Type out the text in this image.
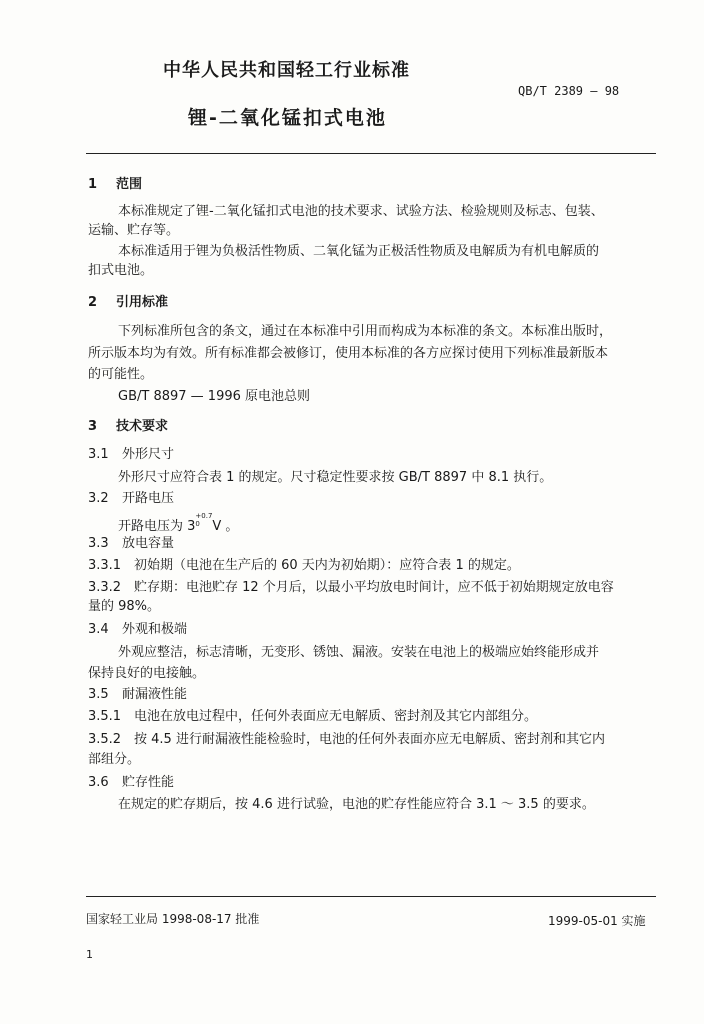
中华人民共和国轻工行业标准
QB/T 2389 — 98
锂-二氧化锰扣式电池
1 范围
本标准规定了锂-二氧化锰扣式电池的技术要求、试验方法、检验规则及标志、包装、
运输、贮存等。
本标准适用于锂为负极活性物质、二氧化锰为正极活性物质及电解质为有机电解质的
扣式电池。
2 引用标准
下列标准所包含的条文，通过在本标准中引用而构成为本标准的条文。本标准出版时，
所示版本均为有效。所有标准都会被修订，使用本标准的各方应探讨使用下列标准最新版本
的可能性。
GB/T 8897 — 1996 原电池总则
3 技术要求
3.1 外形尺寸
外形尺寸应符合表 1 的规定。尺寸稳定性要求按 GB/T 8897 中 8.1 执行。
3.2 开路电压
开路电压为 3
+0.7
0 V 。
3.3 放电容量
3.3.1 初始期（电池在生产后的 60 天内为初始期）：应符合表 1 的规定。
3.3.2 贮存期：电池贮存 12 个月后，以最小平均放电时间计，应不低于初始期规定放电容
量的 98%。
3.4 外观和极端
外观应整洁，标志清晰，无变形、锈蚀、漏液。安装在电池上的极端应始终能形成并
保持良好的电接触。
3.5 耐漏液性能
3.5.1 电池在放电过程中，任何外表面应无电解质、密封剂及其它内部组分。
3.5.2 按 4.5 进行耐漏液性能检验时，电池的任何外表面亦应无电解质、密封剂和其它内
部组分。
3.6 贮存性能
在规定的贮存期后，按 4.6 进行试验，电池的贮存性能应符合 3.1 ～ 3.5 的要求。
国家轻工业局 1998-08-17 批准	1999-05-01 实施
1
